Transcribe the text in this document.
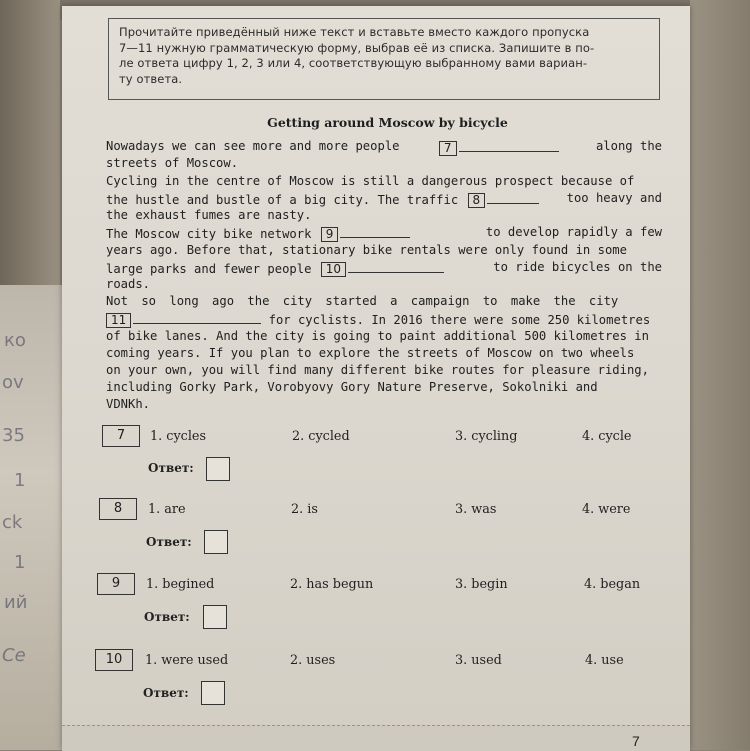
ко
ov
35
1
ck
1
ий
Ce
7
Прочитайте приведённый ниже текст и вставьте вместо каждого пропуска
7—11 нужную грамматическую форму, выбрав её из списка. Запишите в по-
ле ответа цифру 1, 2, 3 или 4, соответствующую выбранному вами вариан-
ту ответа.
Getting around Moscow by bicycle
Nowadays we can see more and more people	7	along the
streets of Moscow.
Cycling in the centre of Moscow is still a dangerous prospect because of
the hustle and bustle of a big city. The traffic 8	too heavy and
the exhaust fumes are nasty.
The Moscow city bike network 9	to develop rapidly a few
years ago. Before that, stationary bike rentals were only found in some
large parks and fewer people 10	to ride bicycles on the
roads.
Not so long ago the city started a campaign to make the city
11	for cyclists. In 2016 there were some 250 kilometres
of bike lanes. And the city is going to paint additional 500 kilometres in
coming years. If you plan to explore the streets of Moscow on two wheels
on your own, you will find many different bike routes for pleasure riding,
including Gorky Park, Vorobyovy Gory Nature Preserve, Sokolniki and
VDNKh.
7	1. cycles	2. cycled	3. cycling	4. cycle
Ответ:
8	1. are	2. is	3. was	4. were
Ответ:
9	1. begined	2. has begun	3. begin	4. began
Ответ:
10	1. were used	2. uses	3. used	4. use
Ответ:
